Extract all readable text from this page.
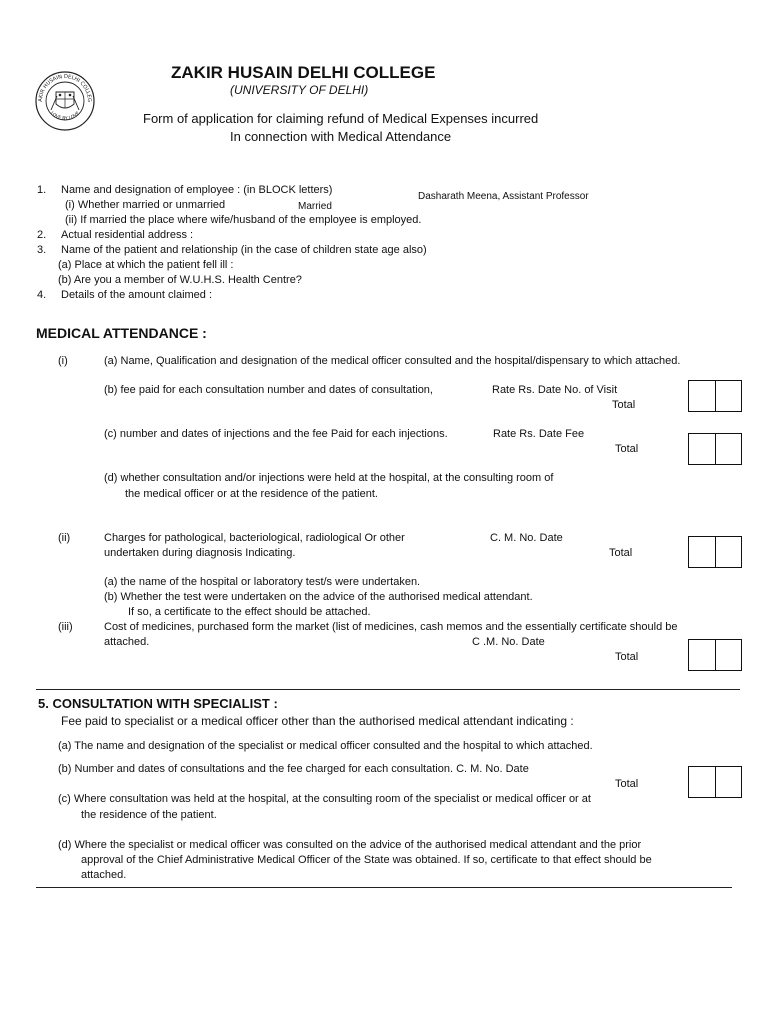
AKIR HUSAIN DELHI COLLEG
LOVE BY LOVE
ZAKIR HUSAIN DELHI COLLEGE
(UNIVERSITY OF DELHI)
Form of application for claiming refund of Medical Expenses incurred
In connection with Medical Attendance
1. Name and designation of employee : (in BLOCK letters)
Dasharath Meena, Assistant Professor
(i) Whether married or unmarried	Married
(ii) If married the place where wife/husband of the employee is employed.
2. Actual residential address :
3. Name of the patient and relationship (in the case of children state age also)
(a) Place at which the patient fell ill :
(b) Are you a member of W.U.H.S. Health Centre?
4. Details of the amount claimed :
MEDICAL ATTENDANCE :
(i)	(a) Name, Qualification and designation of the medical officer consulted and the hospital/dispensary to which attached.
(b) fee paid for each consultation number and dates of consultation,	Rate Rs. Date No. of Visit
Total
(c) number and dates of injections and the fee Paid for each injections.	Rate Rs. Date Fee
Total
(d) whether consultation and/or injections were held at the hospital, at the consulting room of
the medical officer or at the residence of the patient.
(ii)	Charges for pathological, bacteriological, radiological Or other	C. M. No. Date
undertaken during diagnosis Indicating.	Total
(a) the name of the hospital or laboratory test/s were undertaken.
(b) Whether the test were undertaken on the advice of the authorised medical attendant.
If so, a certificate to the effect should be attached.
(iii)	Cost of medicines, purchased form the market (list of medicines, cash memos and the essentially certificate should be
attached.	C .M. No. Date
Total
5. CONSULTATION WITH SPECIALIST :
Fee paid to specialist or a medical officer other than the authorised medical attendant indicating :
(a) The name and designation of the specialist or medical officer consulted and the hospital to which attached.
(b) Number and dates of consultations and the fee charged for each consultation. C. M. No. Date
Total
(c) Where consultation was held at the hospital, at the consulting room of the specialist or medical officer or at
the residence of the patient.
(d) Where the specialist or medical officer was consulted on the advice of the authorised medical attendant and the prior
approval of the Chief Administrative Medical Officer of the State was obtained. If so, certificate to that effect should be
attached.
